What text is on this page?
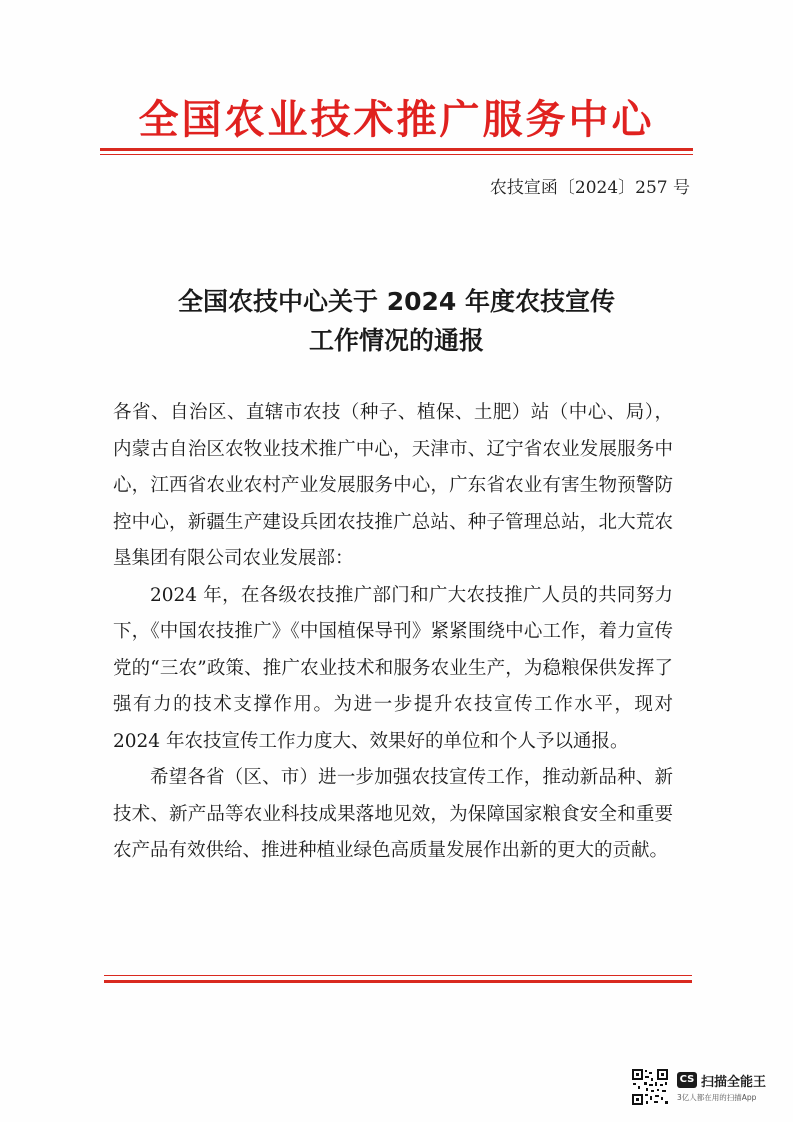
全国农业技术推广服务中心
农技宣函〔2024〕257 号
全国农技中心关于 2024 年度农技宣传
工作情况的通报

各省、自治区、直辖市农技（种子、植保、土肥）站（中心、局），内蒙古自治区农牧业技术推广中心，天津市、辽宁省农业发展服务中心，江西省农业农村产业发展服务中心，广东省农业有害生物预警防控中心，新疆生产建设兵团农技推广总站、种子管理总站，北大荒农垦集团有限公司农业发展部：

2024 年，在各级农技推广部门和广大农技推广人员的共同努力下，《中国农技推广》《中国植保导刊》紧紧围绕中心工作，着力宣传党的“三农”政策、推广农业技术和服务农业生产，为稳粮保供发挥了强有力的技术支撑作用。为进一步提升农技宣传工作水平，现对 2024 年农技宣传工作力度大、效果好的单位和个人予以通报。

希望各省（区、市）进一步加强农技宣传工作，推动新品种、新技术、新产品等农业科技成果落地见效，为保障国家粮食安全和重要农产品有效供给、推进种植业绿色高质量发展作出新的更大的贡献。

CS 扫描全能王
3亿人都在用的扫描App
